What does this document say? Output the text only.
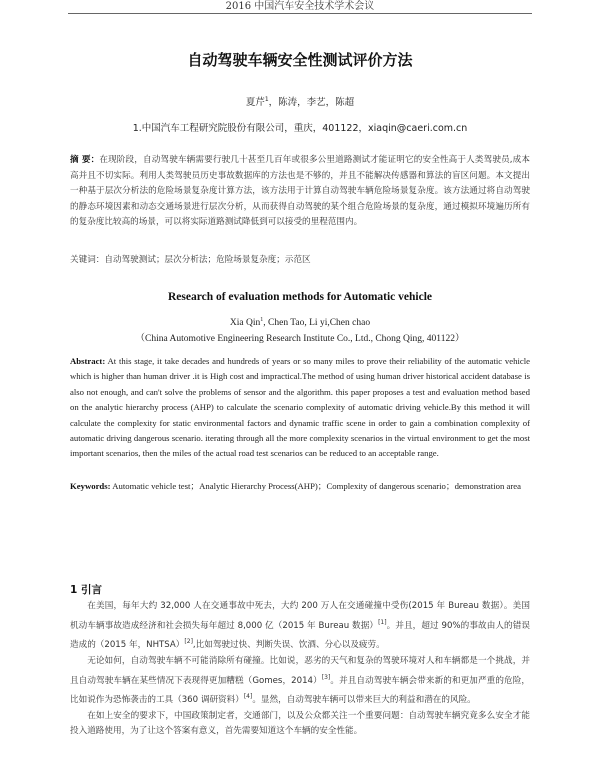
2016 中国汽车安全技术学术会议
自动驾驶车辆安全性测试评价方法
夏芹$^1$，陈涛，李艺，陈超
1.中国汽车工程研究院股份有限公司，重庆，401122，xiaqin@caeri.com.cn
摘 要：在现阶段，自动驾驶车辆需要行驶几十甚至几百年或很多公里道路测试才能证明它的安全性高于人类驾驶员,成本高并且不切实际。利用人类驾驶员历史事故数据库的方法也是不够的，并且不能解决传感器和算法的盲区问题。本文提出一种基于层次分析法的危险场景复杂度计算方法，该方法用于计算自动驾驶车辆危险场景复杂度。该方法通过将自动驾驶的静态环境因素和动态交通场景进行层次分析，从而获得自动驾驶的某个组合危险场景的复杂度，通过模拟环境遍历所有的复杂度比较高的场景，可以将实际道路测试降低到可以接受的里程范围内。
关键词：自动驾驶测试；层次分析法；危险场景复杂度；示范区
Research of evaluation methods for Automatic vehicle
Xia Qin$^1$, Chen Tao, Li yi,Chen chao
（China Automotive Engineering Research Institute Co., Ltd., Chong Qing, 401122）
Abstract: At this stage, it take decades and hundreds of years or so many miles to prove their reliability of the automatic vehicle which is higher than human driver .it is High cost and impractical.The method of using human driver historical accident database is also not enough, and can't solve the problems of sensor and the algorithm. this paper proposes a test and evaluation method based on the analytic hierarchy process (AHP) to calculate the scenario complexity of automatic driving vehicle.By this method it will calculate the complexity for static environmental factors and dynamic traffic scene in order to gain a combination complexity of automatic driving dangerous scenario. iterating through all the more complexity scenarios in the virtual environment to get the most important scenarios, then the miles of the actual road test scenarios can be reduced to an acceptable range.
Keywords: Automatic vehicle test；Analytic Hierarchy Process(AHP)；Complexity of dangerous scenario；demonstration area
1 引言

在美国，每年大约 32,000 人在交通事故中死去，大约 200 万人在交通碰撞中受伤(2015 年 Bureau 数据）。美国机动车辆事故造成经济和社会损失每年超过 8,000 亿（2015 年 Bureau 数据）[1]。并且，超过 90%的事故由人的错误造成的（2015 年，NHTSA）[2],比如驾驶过快、判断失误、饮酒、分心以及疲劳。

无论如何，自动驾驶车辆不可能消除所有碰撞。比如说，恶劣的天气和复杂的驾驶环境对人和车辆都是一个挑战，并且自动驾驶车辆在某些情况下表现得更加糟糕（Gomes，2014）[3]。并且自动驾驶车辆会带来新的和更加严重的危险，比如说作为恐怖袭击的工具（360 调研资料）[4]。显然，自动驾驶车辆可以带来巨大的利益和潜在的风险。

在如上安全的要求下，中国政策制定者，交通部门，以及公众都关注一个重要问题：自动驾驶车辆究竟多么安全才能投入道路使用，为了让这个答案有意义，首先需要知道这个车辆的安全性能。
